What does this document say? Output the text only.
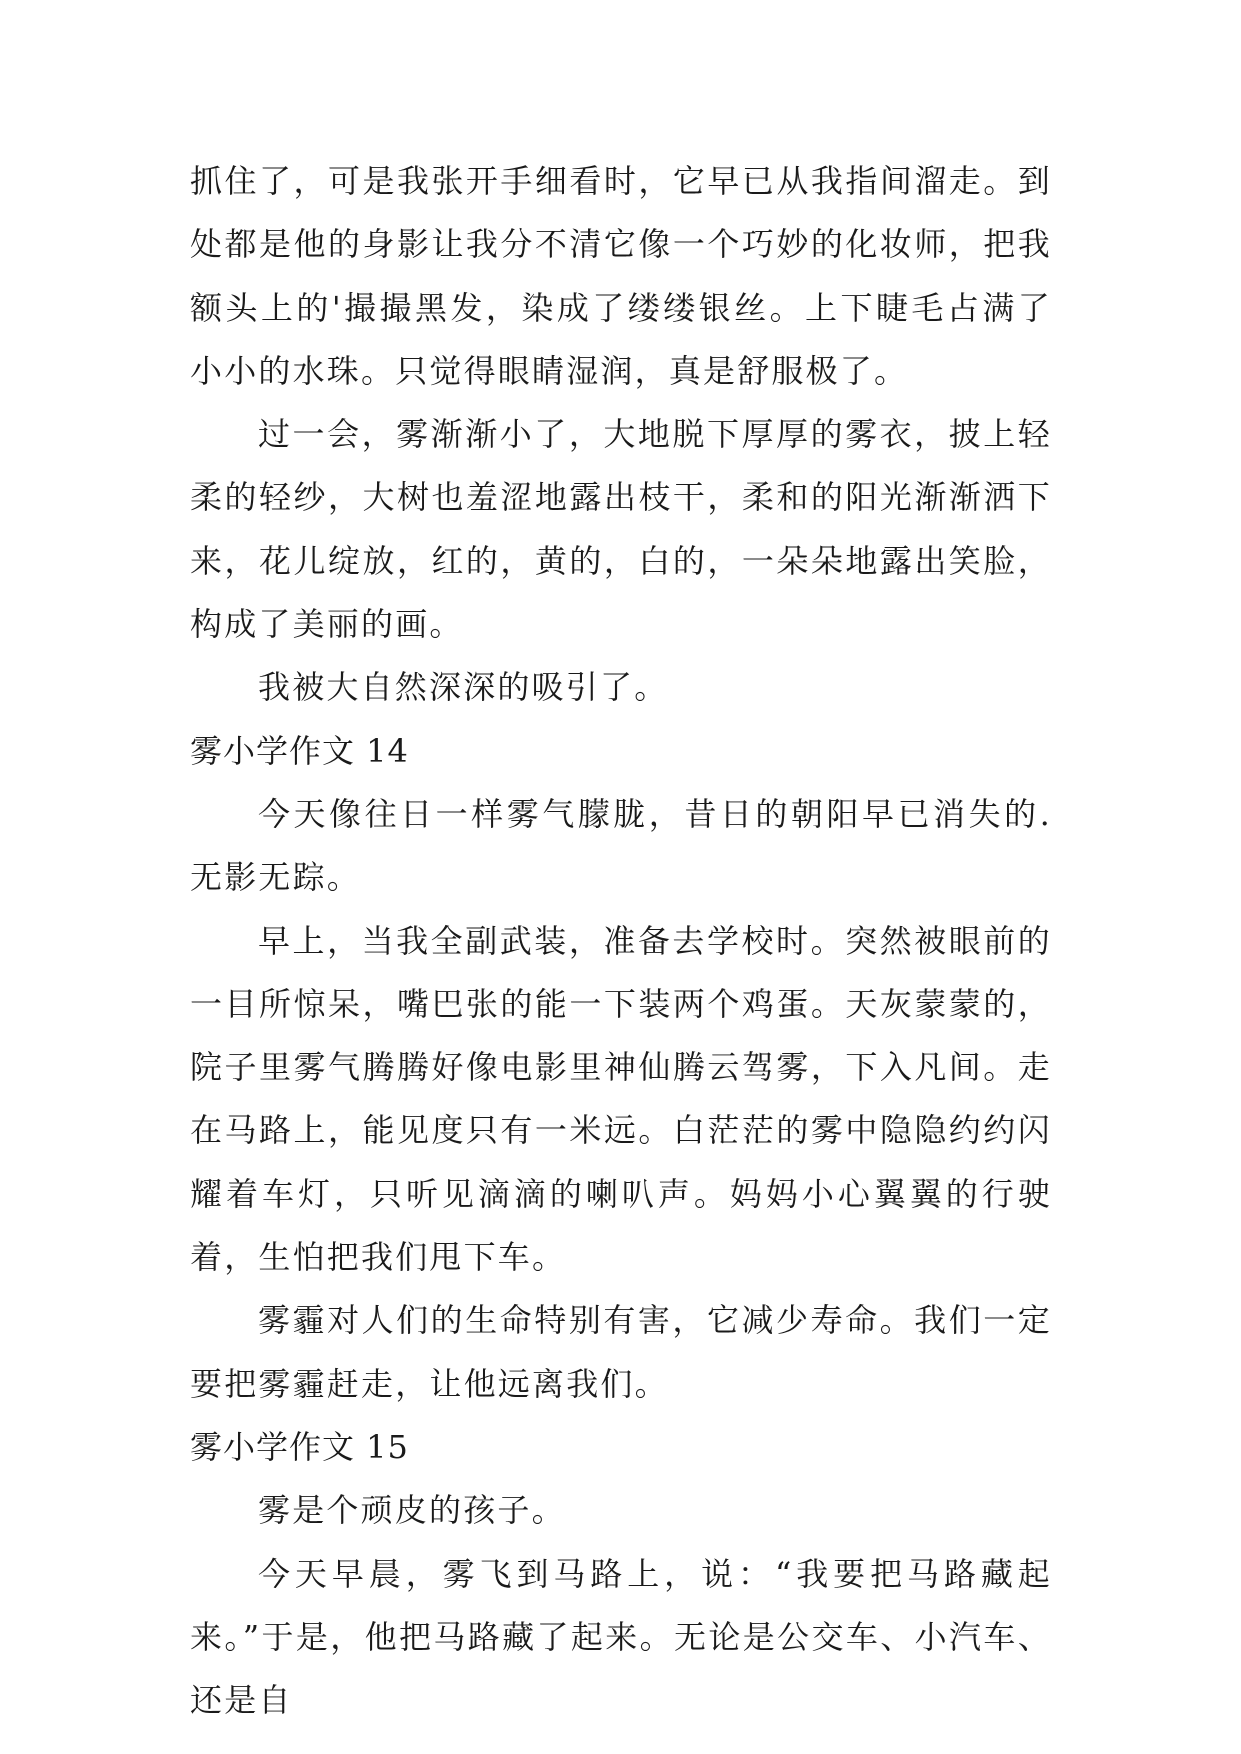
抓住了，可是我张开手细看时，它早已从我指间溜走。到处都是他的身影让我分不清它像一个巧妙的化妆师，把我额头上的'撮撮黑发，染成了缕缕银丝。上下睫毛占满了小小的水珠。只觉得眼睛湿润，真是舒服极了。

过一会，雾渐渐小了，大地脱下厚厚的雾衣，披上轻柔的轻纱，大树也羞涩地露出枝干，柔和的阳光渐渐洒下来，花儿绽放，红的，黄的，白的，一朵朵地露出笑脸，构成了美丽的画。

我被大自然深深的吸引了。

雾小学作文 14

今天像往日一样雾气朦胧，昔日的朝阳早已消失的.无影无踪。

早上，当我全副武装，准备去学校时。突然被眼前的一目所惊呆，嘴巴张的能一下装两个鸡蛋。天灰蒙蒙的，院子里雾气腾腾好像电影里神仙腾云驾雾，下入凡间。走在马路上，能见度只有一米远。白茫茫的雾中隐隐约约闪耀着车灯，只听见滴滴的喇叭声。妈妈小心翼翼的行驶着，生怕把我们甩下车。

雾霾对人们的生命特别有害，它减少寿命。我们一定要把雾霾赶走，让他远离我们。

雾小学作文 15

雾是个顽皮的孩子。

今天早晨，雾飞到马路上，说：“我要把马路藏起来。”于是，他把马路藏了起来。无论是公交车、小汽车、还是自
